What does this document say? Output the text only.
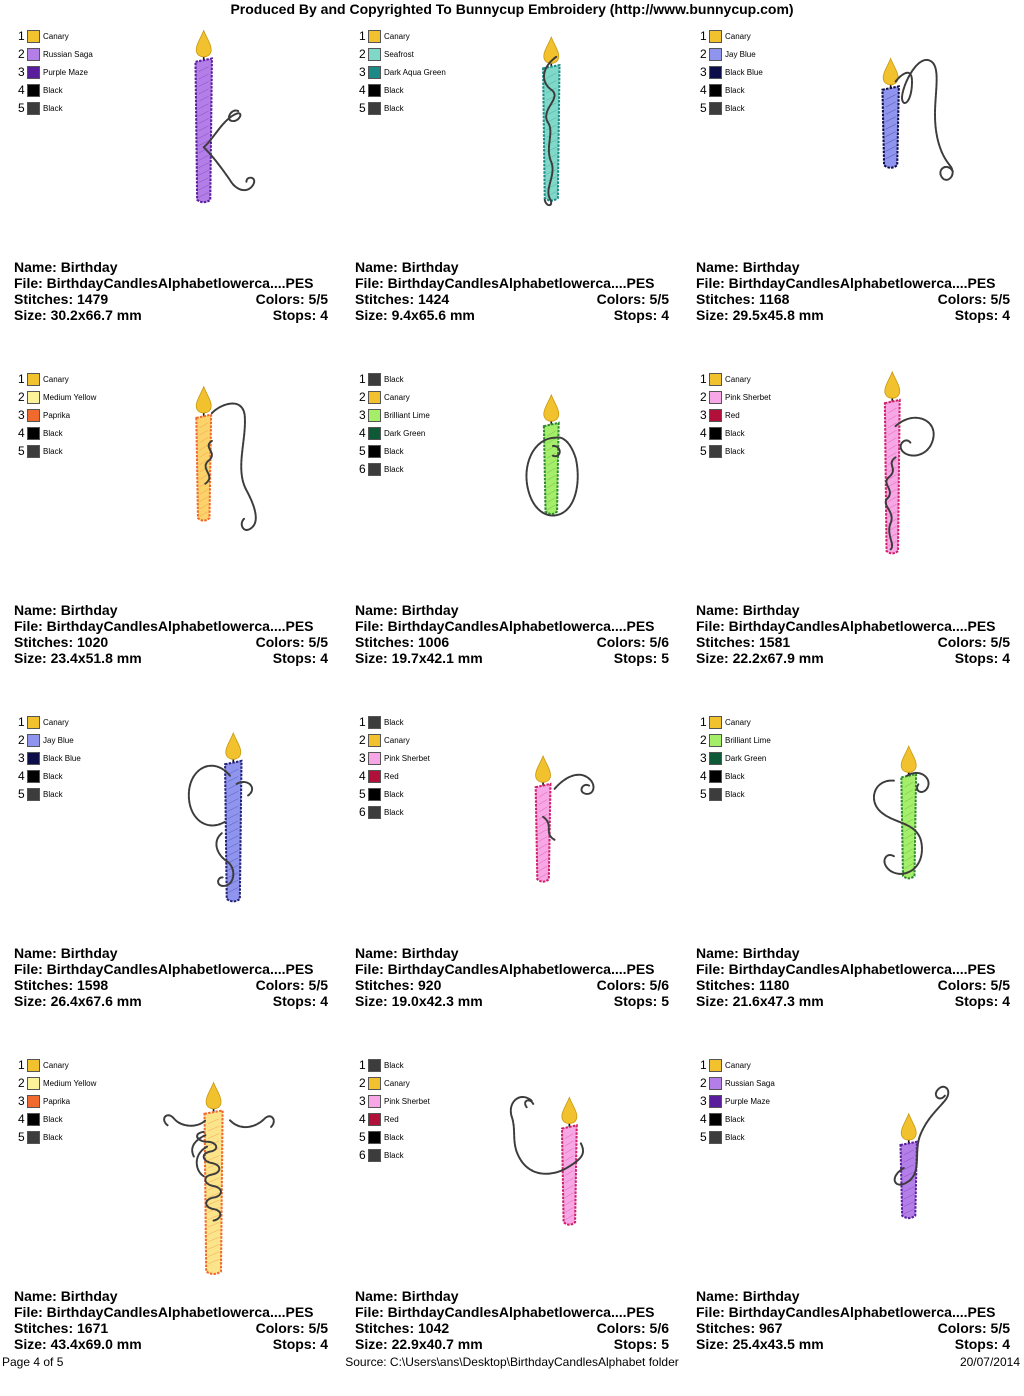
Produced By and Copyrighted To Bunnycup Embroidery (http://www.bunnycup.com)
1 Canary
2 Russian Saga
3 Purple Maze
4 Black
5 Black
Name: Birthday
File: BirthdayCandlesAlphabetlowerca....PES
Stitches: 1479	Colors: 5/5
Size: 30.2x66.7 mm	Stops: 4
1 Canary
2 Seafrost
3 Dark Aqua Green
4 Black
5 Black
Name: Birthday
File: BirthdayCandlesAlphabetlowerca....PES
Stitches: 1424	Colors: 5/5
Size: 9.4x65.6 mm	Stops: 4
1 Canary
2 Jay Blue
3 Black Blue
4 Black
5 Black
Name: Birthday
File: BirthdayCandlesAlphabetlowerca....PES
Stitches: 1168	Colors: 5/5
Size: 29.5x45.8 mm	Stops: 4
1 Canary
2 Medium Yellow
3 Paprika
4 Black
5 Black
Name: Birthday
File: BirthdayCandlesAlphabetlowerca....PES
Stitches: 1020	Colors: 5/5
Size: 23.4x51.8 mm	Stops: 4
1 Black
2 Canary
3 Brilliant Lime
4 Dark Green
5 Black
6 Black
Name: Birthday
File: BirthdayCandlesAlphabetlowerca....PES
Stitches: 1006	Colors: 5/6
Size: 19.7x42.1 mm	Stops: 5
1 Canary
2 Pink Sherbet
3 Red
4 Black
5 Black
Name: Birthday
File: BirthdayCandlesAlphabetlowerca....PES
Stitches: 1581	Colors: 5/5
Size: 22.2x67.9 mm	Stops: 4
1 Canary
2 Jay Blue
3 Black Blue
4 Black
5 Black
Name: Birthday
File: BirthdayCandlesAlphabetlowerca....PES
Stitches: 1598	Colors: 5/5
Size: 26.4x67.6 mm	Stops: 4
1 Black
2 Canary
3 Pink Sherbet
4 Red
5 Black
6 Black
Name: Birthday
File: BirthdayCandlesAlphabetlowerca....PES
Stitches: 920	Colors: 5/6
Size: 19.0x42.3 mm	Stops: 5
1 Canary
2 Brilliant Lime
3 Dark Green
4 Black
5 Black
Name: Birthday
File: BirthdayCandlesAlphabetlowerca....PES
Stitches: 1180	Colors: 5/5
Size: 21.6x47.3 mm	Stops: 4
1 Canary
2 Medium Yellow
3 Paprika
4 Black
5 Black
Name: Birthday
File: BirthdayCandlesAlphabetlowerca....PES
Stitches: 1671	Colors: 5/5
Size: 43.4x69.0 mm	Stops: 4
1 Black
2 Canary
3 Pink Sherbet
4 Red
5 Black
6 Black
Name: Birthday
File: BirthdayCandlesAlphabetlowerca....PES
Stitches: 1042	Colors: 5/6
Size: 22.9x40.7 mm	Stops: 5
1 Canary
2 Russian Saga
3 Purple Maze
4 Black
5 Black
Name: Birthday
File: BirthdayCandlesAlphabetlowerca....PES
Stitches: 967	Colors: 5/5
Size: 25.4x43.5 mm	Stops: 4
Page 4 of 5	Source: C:\Users\ans\Desktop\BirthdayCandlesAlphabet folder	20/07/2014
